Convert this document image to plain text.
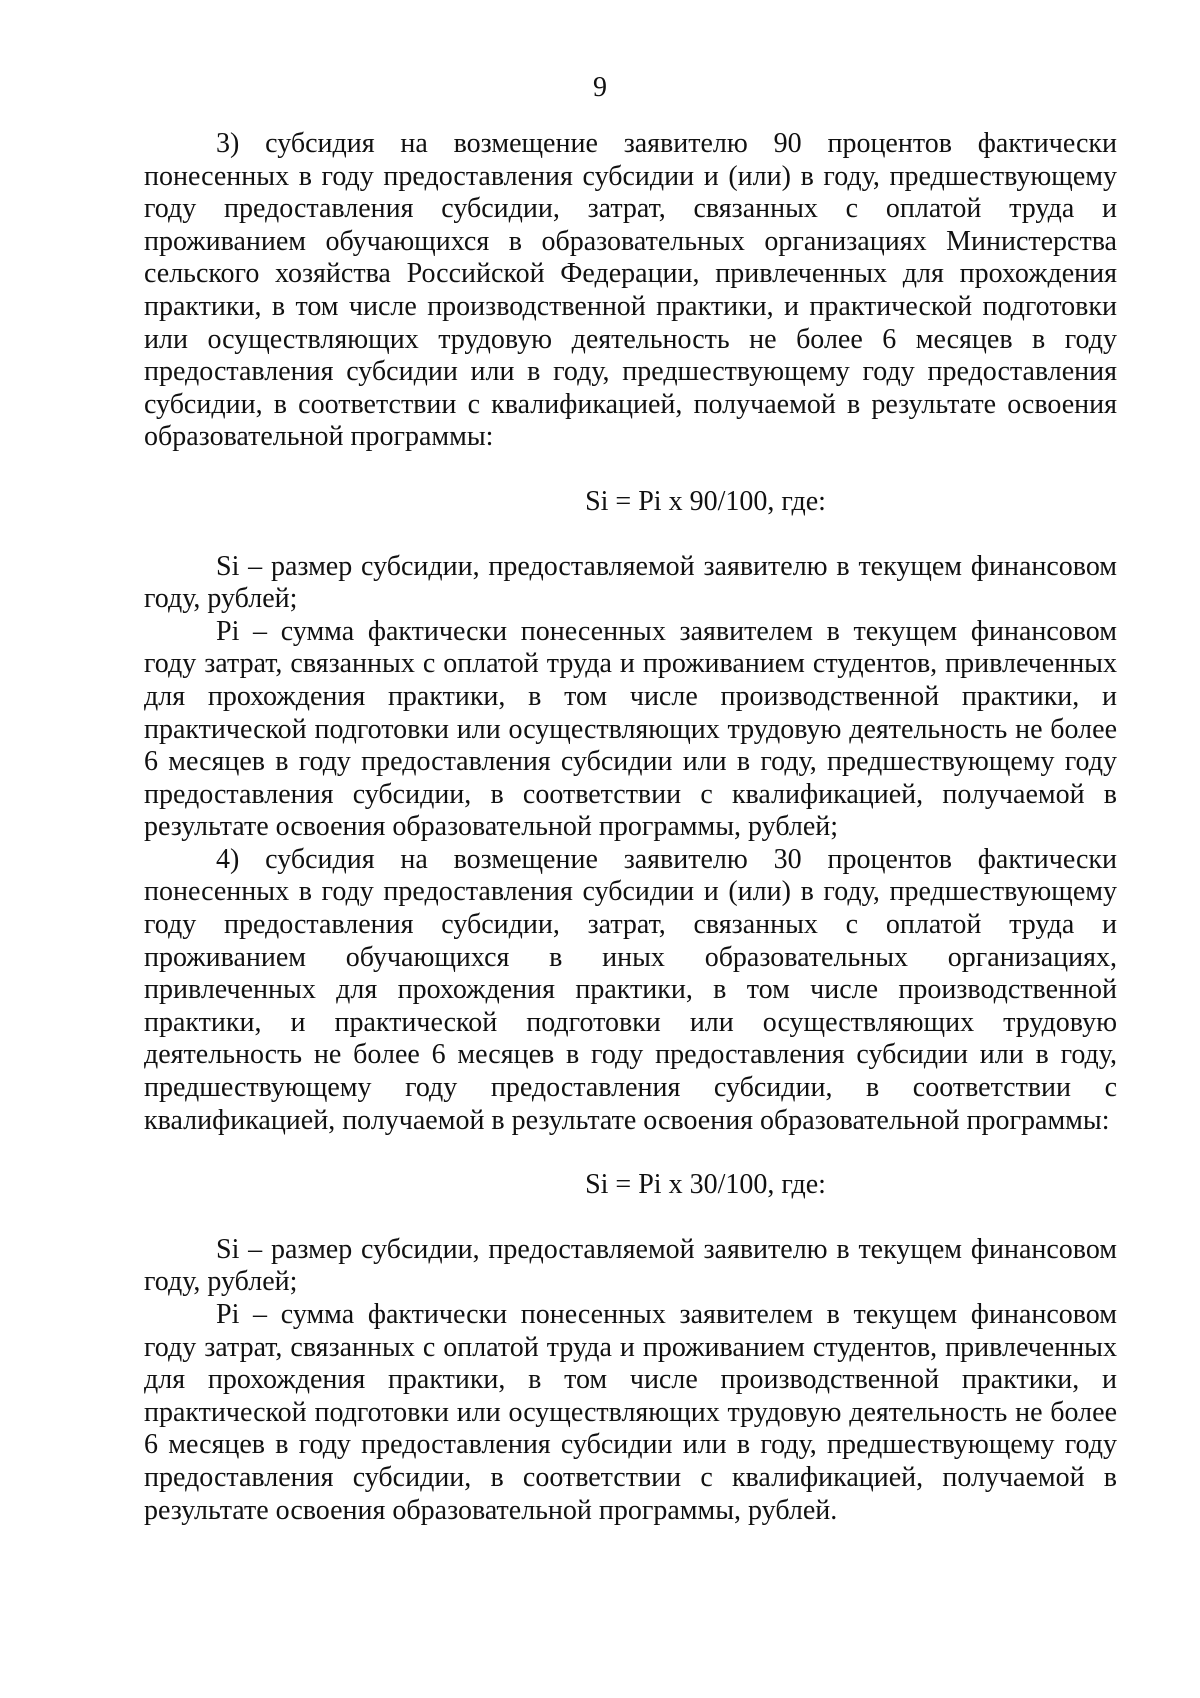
9

3) субсидия на возмещение заявителю 90 процентов фактически понесенных в году предоставления субсидии и (или) в году, предшествующему году предоставления субсидии, затрат, связанных с оплатой труда и проживанием обучающихся в образовательных организациях Министерства сельского хозяйства Российской Федерации, привлеченных для прохождения практики, в том числе производственной практики, и практической подготовки или осуществляющих трудовую деятельность не более 6 месяцев в году предоставления субсидии или в году, предшествующему году предоставления субсидии, в соответствии с квалификацией, получаемой в результате освоения образовательной программы:

Si = Pi x 90/100, где:

Si – размер субсидии, предоставляемой заявителю в текущем финансовом году, рублей;

Pi – сумма фактически понесенных заявителем в текущем финансовом году затрат, связанных с оплатой труда и проживанием студентов, привлеченных для прохождения практики, в том числе производственной практики, и практической подготовки или осуществляющих трудовую деятельность не более 6 месяцев в году предоставления субсидии или в году, предшествующему году предоставления субсидии, в соответствии с квалификацией, получаемой в результате освоения образовательной программы, рублей;

4) субсидия на возмещение заявителю 30 процентов фактически понесенных в году предоставления субсидии и (или) в году, предшествующему году предоставления субсидии, затрат, связанных с оплатой труда и проживанием обучающихся в иных образовательных организациях, привлеченных для прохождения практики, в том числе производственной практики, и практической подготовки или осуществляющих трудовую деятельность не более 6 месяцев в году предоставления субсидии или в году, предшествующему году предоставления субсидии, в соответствии с квалификацией, получаемой в результате освоения образовательной программы:

Si = Pi x 30/100, где:

Si – размер субсидии, предоставляемой заявителю в текущем финансовом году, рублей;

Pi – сумма фактически понесенных заявителем в текущем финансовом году затрат, связанных с оплатой труда и проживанием студентов, привлеченных для прохождения практики, в том числе производственной практики, и практической подготовки или осуществляющих трудовую деятельность не более 6 месяцев в году предоставления субсидии или в году, предшествующему году предоставления субсидии, в соответствии с квалификацией, получаемой в результате освоения образовательной программы, рублей.
